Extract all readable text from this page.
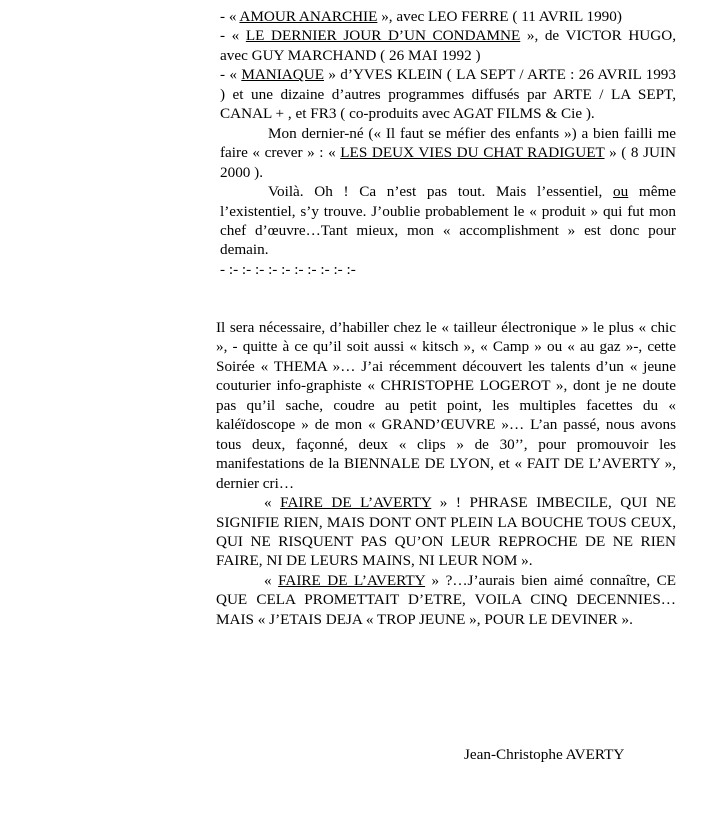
- « AMOUR ANARCHIE », avec LEO FERRE ( 11 AVRIL 1990)

- « LE DERNIER JOUR D’UN CONDAMNE », de VICTOR HUGO, avec GUY MARCHAND ( 26 MAI 1992 )

- « MANIAQUE » d’YVES KLEIN ( LA SEPT / ARTE : 26 AVRIL 1993 ) et une dizaine d’autres programmes diffusés par ARTE / LA SEPT, CANAL + , et FR3 ( co-produits avec AGAT FILMS & Cie ).

Mon dernier-né (« Il faut se méfier des enfants ») a bien failli me faire « crever » : « LES DEUX VIES DU CHAT RADIGUET » ( 8 JUIN 2000 ).

Voilà. Oh ! Ca n’est pas tout. Mais l’essentiel, ou même l’existentiel, s’y trouve. J’oublie probablement le « produit » qui fut mon chef d’œuvre…Tant mieux, mon « accomplishment » est donc pour demain.

- :- :- :- :- :- :- :- :- :- :-

Il sera nécessaire, d’habiller chez le « tailleur électronique » le plus « chic », - quitte à ce qu’il soit aussi « kitsch », « Camp » ou « au gaz »-, cette Soirée « THEMA »… J’ai récemment découvert les talents d’un « jeune couturier info-graphiste « CHRISTOPHE LOGEROT », dont je ne doute pas qu’il sache, coudre au petit point, les multiples facettes du « kaléïdoscope » de mon « GRAND’ŒUVRE »… L’an passé, nous avons tous deux, façonné, deux « clips » de 30’’, pour promouvoir les manifestations de la BIENNALE DE LYON, et « FAIT DE L’AVERTY », dernier cri…

« FAIRE DE L’AVERTY » ! PHRASE IMBECILE, QUI NE SIGNIFIE RIEN, MAIS DONT ONT PLEIN LA BOUCHE TOUS CEUX, QUI NE RISQUENT PAS QU’ON LEUR REPROCHE DE NE RIEN FAIRE, NI DE LEURS MAINS, NI LEUR NOM ».

« FAIRE DE L’AVERTY » ?…J’aurais bien aimé connaître, CE QUE CELA PROMETTAIT D’ETRE, VOILA CINQ DECENNIES…MAIS « J’ETAIS DEJA « TROP JEUNE », POUR LE DEVINER ».

Jean-Christophe AVERTY
